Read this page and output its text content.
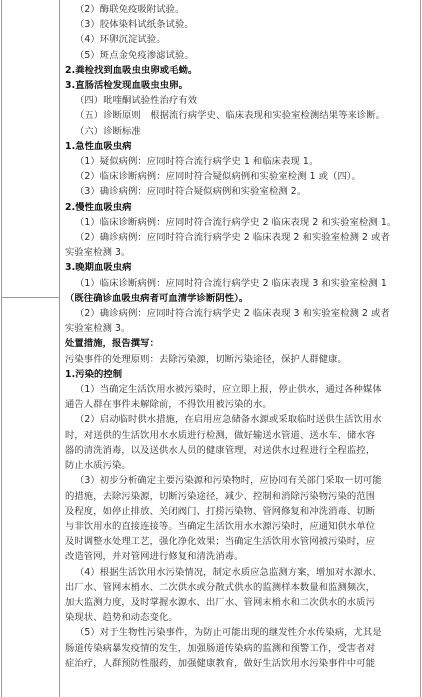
（2）酶联免疫吸附试验。

（3）胶体染料试纸条试验。

（4）环卵沉淀试验。

（5）斑点金免疫渗滤试验。

2.粪检找到血吸虫虫卵或毛蚴。

3.直肠活检发现血吸虫虫卵。

（四）吡喹酮试验性治疗有效

（五）诊断原则　根据流行病学史、临床表现和实验室检测结果等来诊断。

（六）诊断标准

1.急性血吸虫病

（1）疑似病例：应同时符合流行病学史 1 和临床表现 1。

（2）临床诊断病例：应同时符合疑似病例和实验室检测 1 或（四）。

（3）确诊病例：应同时符合疑似病例和实验室检测 2。

2.慢性血吸虫病

（1）临床诊断病例：应同时符合流行病学史 2 临床表现 2 和实验室检测 1。

（2）确诊病例：应同时符合流行病学史 2 临床表现 2 和实验室检测 2 或者

实验室检测 3。

3.晚期血吸虫病

（1）临床诊断病例：应同时符合流行病学史 2 临床表现 3 和实验室检测 1

（既往确诊血吸虫病者可血清学诊断阴性）。

（2）确诊病例：应同时符合流行病学史 2 临床表现 3 和实验室检测 2 或者

实验室检测 3。

处置措施，报告撰写：

污染事件的处理原则：去除污染源，切断污染途径，保护人群健康。

1.污染的控制

（1）当确定生活饮用水被污染时，应立即上报，停止供水，通过各种媒体

通告人群在事件未解除前，不得饮用被污染的水。

（2）启动临时供水措施，在启用应急储备水源或采取临时送供生活饮用水

时，对送供的生活饮用水水质进行检测，做好输送水管道、送水车、储水容

器的清洗消毒，以及送供水人员的健康管理，对送供水过程进行全程监控，

防止水质污染。

（3）初步分析确定主要污染源和污染物时，应协同有关部门采取一切可能

的措施，去除污染源，切断污染途径，减少、控制和消除污染物污染的范围

及程度，如停止排放、关闭阀门、打捞污染物、管网修复和冲洗消毒、切断

与非饮用水的直接连接等。当确定生活饮用水水源污染时，应通知供水单位

及时调整水处理工艺，强化净化效果；当确定生活饮用水管网被污染时，应

改造管网，并对管网进行修复和清洗消毒。

（4）根据生活饮用水污染情况，制定水质应急监测方案，增加对水源水、

出厂水、管网末梢水、二次供水或分散式供水的监测样本数量和监测频次，

加大监测力度，及时掌握水源水、出厂水、管网末梢水和二次供水的水质污

染现状、趋势和动态变化。

（5）对于生物性污染事件，为防止可能出现的继发性介水传染病，尤其是

肠道传染病暴发疫情的发生，加强肠道传染病的监测和预警工作，受害者对

症治疗，人群预防性服药，加强健康教育，做好生活饮用水污染事件中可能
